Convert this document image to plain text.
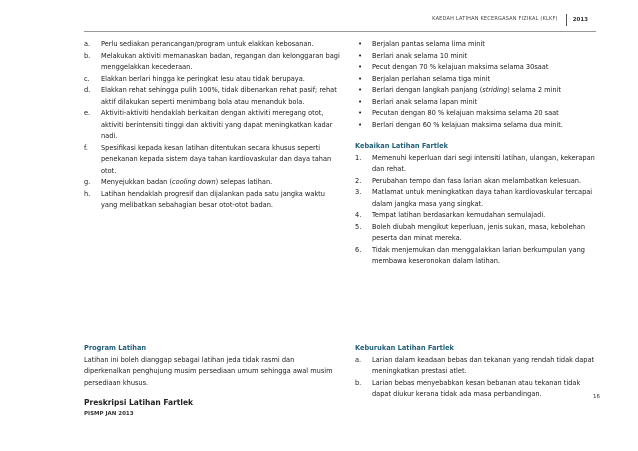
KAEDAH LATIHAN KECERGASAN FIZIKAL (KLKF)	2013
a. Perlu sediakan perancangan/program untuk elakkan kebosanan.
b. Melakukan aktiviti memanaskan badan, regangan dan kelonggaran bagi menggelakkan kecederaan.
c. Elakkan berlari hingga ke peringkat lesu atau tidak berupaya.
d. Elakkan rehat sehingga pulih 100%, tidak dibenarkan rehat pasif; rehat aktif dilakukan seperti menimbang bola atau menanduk bola.
e. Aktiviti-aktiviti hendaklah berkaitan dengan aktiviti meregang otot, aktiviti berintensiti tinggi dan aktiviti yang dapat meningkatkan kadar nadi.
f. Spesifikasi kepada kesan latihan ditentukan secara khusus seperti penekanan kepada sistem daya tahan kardiovaskular dan daya tahan otot.
g. Menyejukkan badan (cooling down) selepas latihan.
h. Latihan hendaklah progresif dan dijalankan pada satu jangka waktu yang melibatkan sebahagian besar otot-otot badan.
Program Latihan
Latihan ini boleh dianggap sebagai latihan jeda tidak rasmi dan diperkenalkan penghujung musim persediaan umum sehingga awal musim persediaan khusus.
Preskripsi Latihan Fartlek
• Berjalan pantas selama lima minit
• Berlari anak selama 10 minit
• Pecut dengan 70 % kelajuan maksima selama 30saat
• Berjalan perlahan selama tiga minit
• Berlari dengan langkah panjang (striding) selama 2 minit
• Berlari anak selama lapan minit
• Pecutan dengan 80 % kelajuan maksima selama 20 saat
• Berlari dengan 60 % kelajuan maksima selama dua minit.
Kebaikan Latihan Fartlek
1. Memenuhi keperluan dari segi intensiti latihan, ulangan, kekerapan dan rehat.
2. Perubahan tempo dan fasa larian akan melambatkan kelesuan.
3. Matlamat untuk meningkatkan daya tahan kardiovaskular tercapai dalam jangka masa yang singkat.
4. Tempat latihan berdasarkan kemudahan semulajadi.
5. Boleh diubah mengikut keperluan, jenis sukan, masa, kebolehan peserta dan minat mereka.
6. Tidak menjemukan dan menggalakkan larian berkumpulan yang membawa keseronokan dalam latihan.
Keburukan Latihan Fartlek
a. Larian dalam keadaan bebas dan tekanan yang rendah tidak dapat meningkatkan prestasi atlet.
b. Larian bebas menyebabkan kesan bebanan atau tekanan tidak dapat diukur kerana tidak ada masa perbandingan.	16
PISMP JAN 2013
